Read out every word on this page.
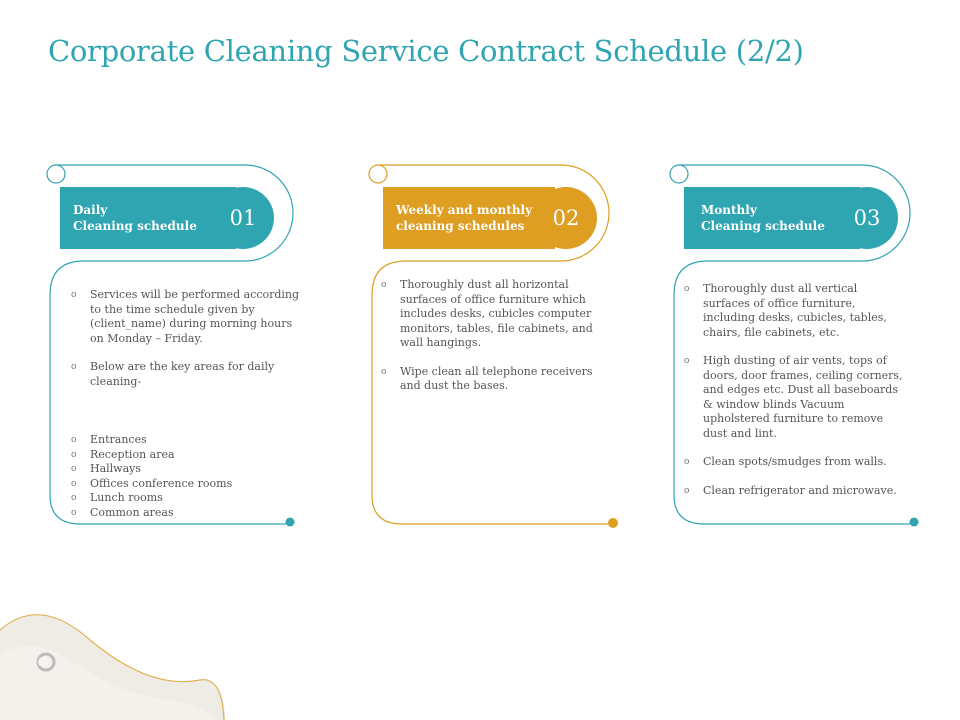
Corporate Cleaning Service Contract Schedule (2/2)
Daily
Cleaning schedule	01	Weekly and monthly
cleaning schedules	02	Monthly
Cleaning schedule	03
o Services will be performed according to the time schedule given by (client_name) during morning hours on Monday – Friday.
o Below are the key areas for daily cleaning-
o Entrances
o Reception area
o Hallways
o Offices conference rooms
o Lunch rooms
o Common areas
o Thoroughly dust all horizontal surfaces of office furniture which includes desks, cubicles computer monitors, tables, file cabinets, and wall hangings.
o Wipe clean all telephone receivers and dust the bases.
o Thoroughly dust all vertical surfaces of office furniture, including desks, cubicles, tables, chairs, file cabinets, etc.
o High dusting of air vents, tops of doors, door frames, ceiling corners, and edges etc. Dust all baseboards & window blinds Vacuum upholstered furniture to remove dust and lint.
o Clean spots/smudges from walls.
o Clean refrigerator and microwave.
